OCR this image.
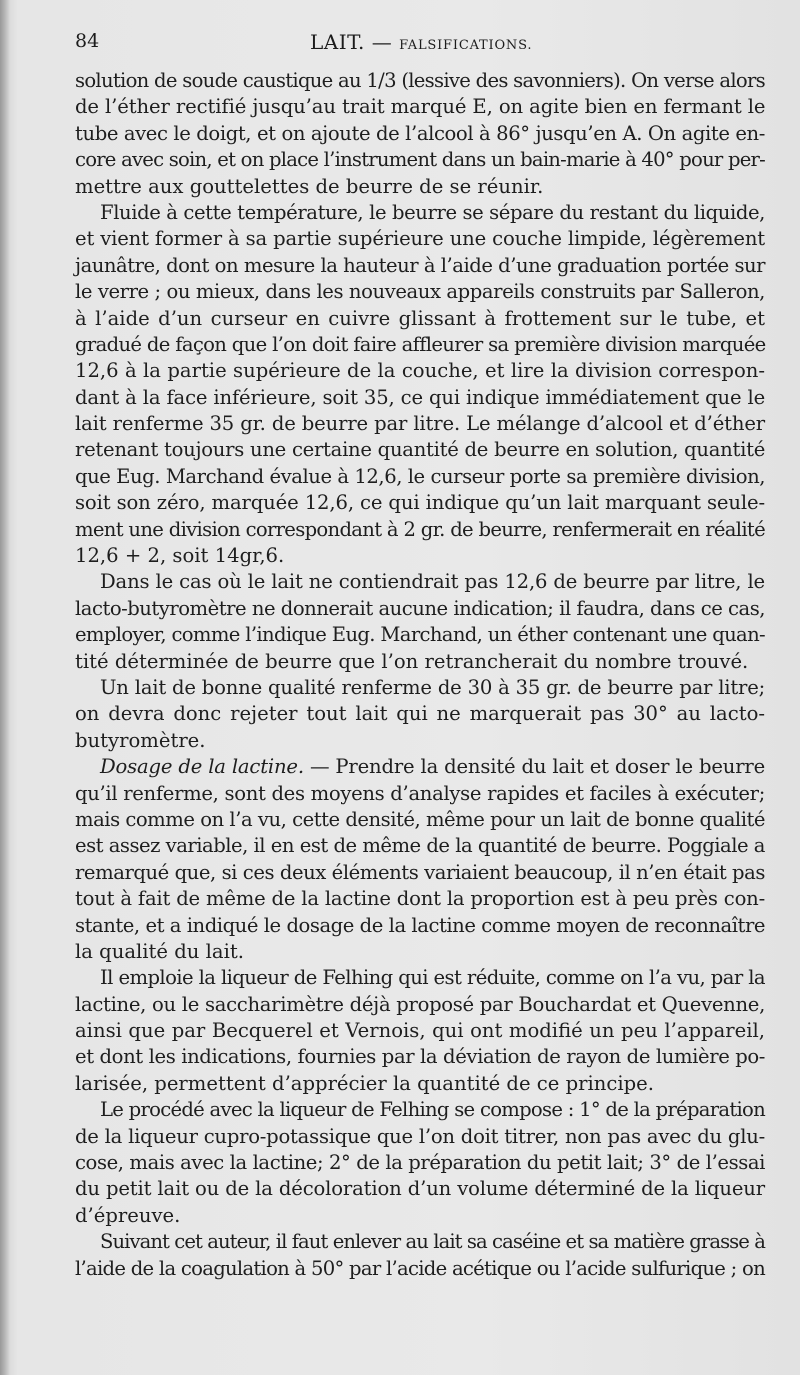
84	LAIT. — FALSIFICATIONS.
solution de soude caustique au 1/3 (lessive des savonniers). On verse alors
de l’éther rectifié jusqu’au trait marqué E, on agite bien en fermant le
tube avec le doigt, et on ajoute de l’alcool à 86° jusqu’en A. On agite en-
core avec soin, et on place l’instrument dans un bain-marie à 40° pour per-
mettre aux gouttelettes de beurre de se réunir.
Fluide à cette température, le beurre se sépare du restant du liquide,
et vient former à sa partie supérieure une couche limpide, légèrement
jaunâtre, dont on mesure la hauteur à l’aide d’une graduation portée sur
le verre ; ou mieux, dans les nouveaux appareils construits par Salleron,
à l’aide d’un curseur en cuivre glissant à frottement sur le tube, et
gradué de façon que l’on doit faire affleurer sa première division marquée
12,6 à la partie supérieure de la couche, et lire la division correspon-
dant à la face inférieure, soit 35, ce qui indique immédiatement que le
lait renferme 35 gr. de beurre par litre. Le mélange d’alcool et d’éther
retenant toujours une certaine quantité de beurre en solution, quantité
que Eug. Marchand évalue à 12,6, le curseur porte sa première division,
soit son zéro, marquée 12,6, ce qui indique qu’un lait marquant seule-
ment une division correspondant à 2 gr. de beurre, renfermerait en réalité
12,6 + 2, soit 14gr,6.
Dans le cas où le lait ne contiendrait pas 12,6 de beurre par litre, le
lacto-butyromètre ne donnerait aucune indication; il faudra, dans ce cas,
employer, comme l’indique Eug. Marchand, un éther contenant une quan-
tité déterminée de beurre que l’on retrancherait du nombre trouvé.
Un lait de bonne qualité renferme de 30 à 35 gr. de beurre par litre;
on devra donc rejeter tout lait qui ne marquerait pas 30° au lacto-
butyromètre.
Dosage de la lactine. — Prendre la densité du lait et doser le beurre
qu’il renferme, sont des moyens d’analyse rapides et faciles à exécuter;
mais comme on l’a vu, cette densité, même pour un lait de bonne qualité
est assez variable, il en est de même de la quantité de beurre. Poggiale a
remarqué que, si ces deux éléments variaient beaucoup, il n’en était pas
tout à fait de même de la lactine dont la proportion est à peu près con-
stante, et a indiqué le dosage de la lactine comme moyen de reconnaître
la qualité du lait.
Il emploie la liqueur de Felhing qui est réduite, comme on l’a vu, par la
lactine, ou le saccharimètre déjà proposé par Bouchardat et Quevenne,
ainsi que par Becquerel et Vernois, qui ont modifié un peu l’appareil,
et dont les indications, fournies par la déviation de rayon de lumière po-
larisée, permettent d’apprécier la quantité de ce principe.
Le procédé avec la liqueur de Felhing se compose : 1° de la préparation
de la liqueur cupro-potassique que l’on doit titrer, non pas avec du glu-
cose, mais avec la lactine; 2° de la préparation du petit lait; 3° de l’essai
du petit lait ou de la décoloration d’un volume déterminé de la liqueur
d’épreuve.
Suivant cet auteur, il faut enlever au lait sa caséine et sa matière grasse à
l’aide de la coagulation à 50° par l’acide acétique ou l’acide sulfurique ; on
